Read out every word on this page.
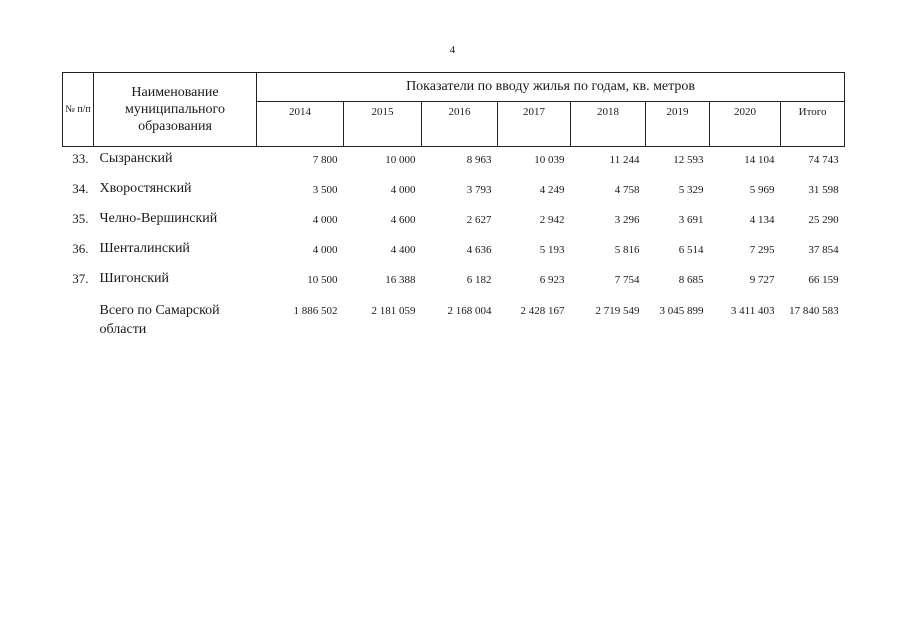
4
№ п/п	Наименование муниципального образования	Показатели по вводу жилья по годам, кв. метров							
		2014	2015	2016	2017	2018	2019	2020	Итого
33.	Сызранский	7 800	10 000	8 963	10 039	11 244	12 593	14 104	74 743
34.	Хворостянский	3 500	4 000	3 793	4 249	4 758	5 329	5 969	31 598
35.	Челно-Вершинский	4 000	4 600	2 627	2 942	3 296	3 691	4 134	25 290
36.	Шенталинский	4 000	4 400	4 636	5 193	5 816	6 514	7 295	37 854
37.	Шигонский	10 500	16 388	6 182	6 923	7 754	8 685	9 727	66 159
	Всего по Самарской области	1 886 502	2 181 059	2 168 004	2 428 167	2 719 549	3 045 899	3 411 403	17 840 583
